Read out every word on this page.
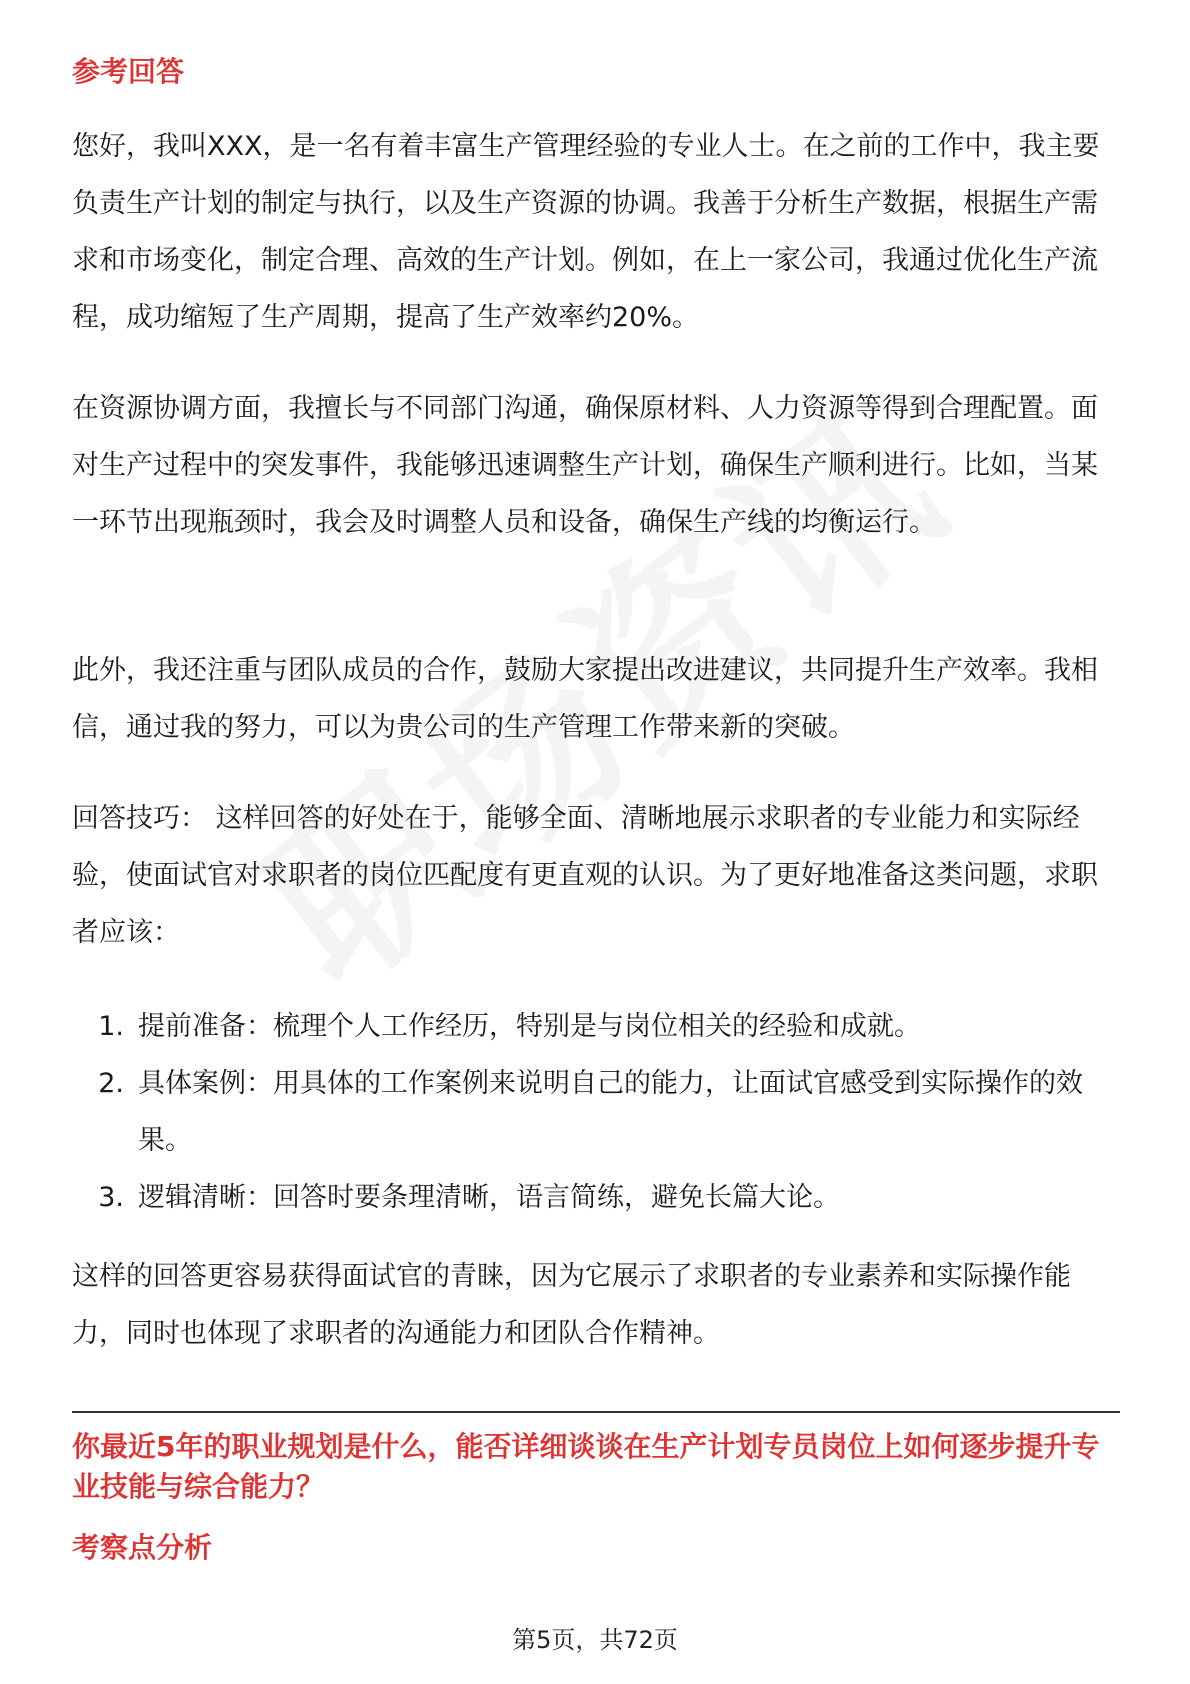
参考回答

您好，我叫XXX，是一名有着丰富生产管理经验的专业人士。在之前的工作中，我主要负责生产计划的制定与执行，以及生产资源的协调。我善于分析生产数据，根据生产需求和市场变化，制定合理、高效的生产计划。例如，在上一家公司，我通过优化生产流程，成功缩短了生产周期，提高了生产效率约20%。

在资源协调方面，我擅长与不同部门沟通，确保原材料、人力资源等得到合理配置。面对生产过程中的突发事件，我能够迅速调整生产计划，确保生产顺利进行。比如，当某一环节出现瓶颈时，我会及时调整人员和设备，确保生产线的均衡运行。

此外，我还注重与团队成员的合作，鼓励大家提出改进建议，共同提升生产效率。我相信，通过我的努力，可以为贵公司的生产管理工作带来新的突破。

回答技巧： 这样回答的好处在于，能够全面、清晰地展示求职者的专业能力和实际经验，使面试官对求职者的岗位匹配度有更直观的认识。为了更好地准备这类问题，求职者应该：

1. 提前准备：梳理个人工作经历，特别是与岗位相关的经验和成就。
2. 具体案例：用具体的工作案例来说明自己的能力，让面试官感受到实际操作的效果。
3. 逻辑清晰：回答时要条理清晰，语言简练，避免长篇大论。

这样的回答更容易获得面试官的青睐，因为它展示了求职者的专业素养和实际操作能力，同时也体现了求职者的沟通能力和团队合作精神。

你最近5年的职业规划是什么，能否详细谈谈在生产计划专员岗位上如何逐步提升专业技能与综合能力？
考察点分析
第5页，共72页
